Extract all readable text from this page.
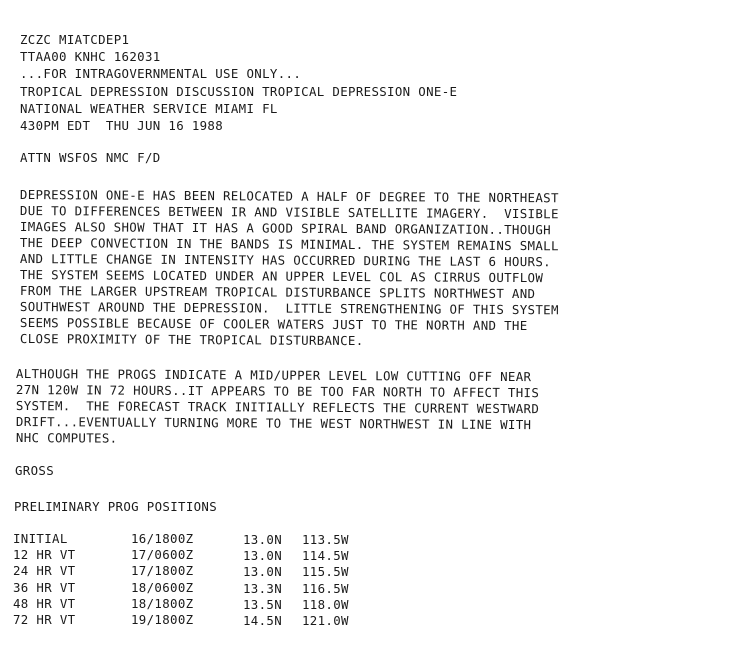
ZCZC MIATCDEP1
TTAA00 KNHC 162031
...FOR INTRAGOVERNMENTAL USE ONLY...
TROPICAL DEPRESSION DISCUSSION TROPICAL DEPRESSION ONE-E
NATIONAL WEATHER SERVICE MIAMI FL
430PM EDT  THU JUN 16 1988
ATTN WSFOS NMC F/D
DEPRESSION ONE-E HAS BEEN RELOCATED A HALF OF DEGREE TO THE NORTHEAST
DUE TO DIFFERENCES BETWEEN IR AND VISIBLE SATELLITE IMAGERY.  VISIBLE
IMAGES ALSO SHOW THAT IT HAS A GOOD SPIRAL BAND ORGANIZATION..THOUGH
THE DEEP CONVECTION IN THE BANDS IS MINIMAL. THE SYSTEM REMAINS SMALL
AND LITTLE CHANGE IN INTENSITY HAS OCCURRED DURING THE LAST 6 HOURS.
THE SYSTEM SEEMS LOCATED UNDER AN UPPER LEVEL COL AS CIRRUS OUTFLOW
FROM THE LARGER UPSTREAM TROPICAL DISTURBANCE SPLITS NORTHWEST AND
SOUTHWEST AROUND THE DEPRESSION.  LITTLE STRENGTHENING OF THIS SYSTEM
SEEMS POSSIBLE BECAUSE OF COOLER WATERS JUST TO THE NORTH AND THE
CLOSE PROXIMITY OF THE TROPICAL DISTURBANCE.
ALTHOUGH THE PROGS INDICATE A MID/UPPER LEVEL LOW CUTTING OFF NEAR
27N 120W IN 72 HOURS..IT APPEARS TO BE TOO FAR NORTH TO AFFECT THIS
SYSTEM.  THE FORECAST TRACK INITIALLY REFLECTS THE CURRENT WESTWARD
DRIFT...EVENTUALLY TURNING MORE TO THE WEST NORTHWEST IN LINE WITH
NHC COMPUTES.
GROSS
PRELIMINARY PROG POSITIONS
INITIAL	16/1800Z	13.0N 113.5W
12 HR VT	17/0600Z	13.0N 114.5W
24 HR VT	17/1800Z	13.0N 115.5W
36 HR VT	18/0600Z	13.3N 116.5W
48 HR VT	18/1800Z	13.5N 118.0W
72 HR VT	19/1800Z	14.5N 121.0W
